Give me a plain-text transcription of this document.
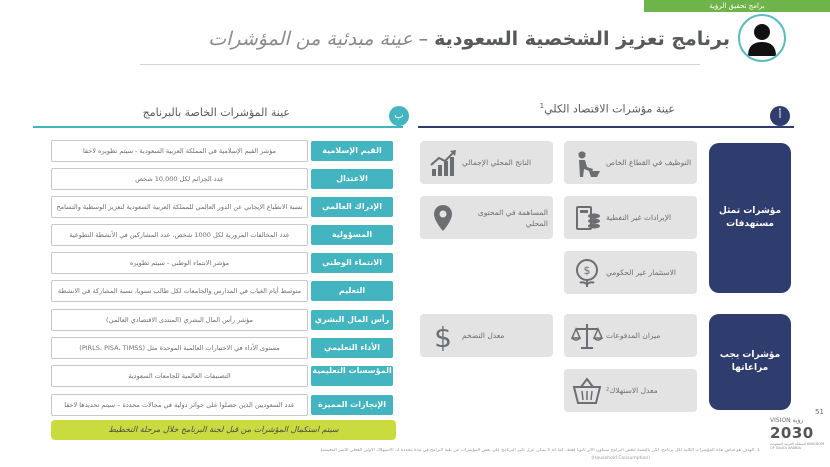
برامج تحقيق الرؤية
برنامج تعزيز الشخصية السعودية – عينة مبدئية من المؤشرات
عينة المؤشرات الخاصة بالبرنامج	ب	عينة مؤشرات الاقتصاد الكلي$^1$
أ
القيم الإسلامية
مؤشر القيم الإسلامية في المملكة العربية السعودية - سيتم تطويره لاحقا
الاعتدال
عدد الجرائم لكل 10,000 شخص
الإدراك العالمي
نسبة الانطباع الإيجابي عن الدور العالمي للمملكة العربية السعودية لتعزيز الوسطية والتسامح
المسؤولية
عدد المخالفات المرورية لكل 1000 شخص، عدد المشاركين في الأنشطة التطوعية
الانتماء الوطني
مؤشر الانتماء الوطني - سيتم تطويره
التعليم
متوسط أيام الغياب في المدارس والجامعات لكل طالب سنويا، نسبة المشاركة في الانشطة
رأس المال البشري
مؤشر رأس المال البشري (المنتدى الاقتصادي العالمي)
الأداء التعليمي
مستوى الأداء في الاختبارات العالمية الموحدة مثل (PIRLS، PISA، TIMSS)
المؤسسات التعليمية
التصنيفات العالمية للجامعات السعودية
الإنجازات المميزة
عدد السعوديين الذين حصلوا على جوائز دولية في مجالات محددة – سيتم تحديدها لاحقا
سيتم استكمال المؤشرات من قبل لجنة البرنامج خلال مرحلة التخطيط
مؤشرات تمثل مستهدفات
مؤشرات يجب مراعاتها
التوظيف في القطاع الخاص
الناتج المحلي الإجمالي
الإيرادات غير النفطية
المساهمة في المحتوى المحلي
$ الاستثمار غير الحكومي
ميزان المدفوعات
$ معدل التضخم
معدل الاستهلاك
2
51
1. الهدف هو قياس هذه المؤشرات الكلية لكل برنامج، لكن بالنسبة لبعض البرامج سيكون الأثر ثانويا فقط، كما أنه لا يمكن عزل تأثير البرنامج على بعض المؤشرات عن بقية البرامج في مدة محددة 2. الاستهلاك الأولي الفعلي للأسر المعيشية
(Household Consumption)
VISION رؤية
2030
المملكة العربية السعودية KINGDOM OF SAUDI ARABIA
